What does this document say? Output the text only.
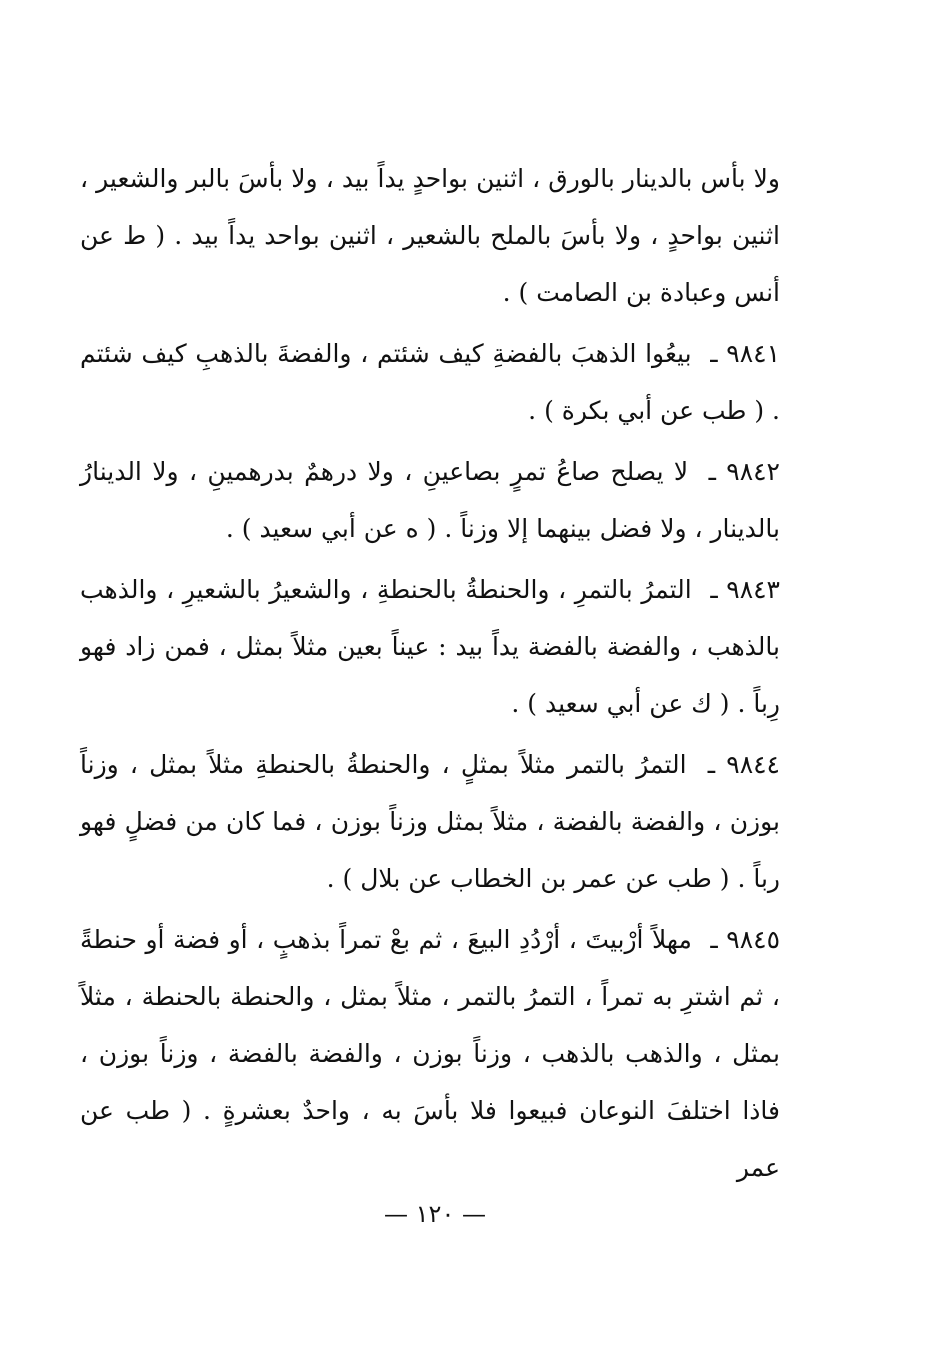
ولا بأس بالدينار بالورق ، اثنين بواحدٍ يداً بيد ، ولا بأسَ بالبر والشعير ، اثنين بواحدٍ ، ولا بأسَ بالملح بالشعير ، اثنين بواحد يداً بيد . ( ط عن أنس وعبادة بن الصامت ) .

٩٨٤١ ـ بيعُوا الذهبَ بالفضةِ كيف شئتم ، والفضةَ بالذهبِ كيف شئتم . ( طب عن أبي بكرة ) .

٩٨٤٢ ـ لا يصلح صاعُ تمرٍ بصاعينِ ، ولا درهمٌ بدرهمينِ ، ولا الدينارُ بالدينار ، ولا فضل بينهما إلا وزناً . ( ه عن أبي سعيد ) .

٩٨٤٣ ـ التمرُ بالتمرِ ، والحنطةُ بالحنطةِ ، والشعيرُ بالشعيرِ ، والذهب بالذهب ، والفضة بالفضة يداً بيد : عيناً بعين مثلاً بمثل ، فمن زاد فهو رِباً . ( ك عن أبي سعيد ) .

٩٨٤٤ ـ التمرُ بالتمر مثلاً بمثلٍ ، والحنطةُ بالحنطةِ مثلاً بمثل ، وزناً بوزن ، والفضة بالفضة ، مثلاً بمثل وزناً بوزن ، فما كان من فضلٍ فهو رباً . ( طب عن عمر بن الخطاب عن بلال ) .

٩٨٤٥ ـ مهلاً أرْبيتَ ، أرْدُدِ البيعَ ، ثم بعْ تمراً بذهبٍ ، أو فضة أو حنطةً ، ثم اشترِ به تمراً ، التمرُ بالتمر ، مثلاً بمثل ، والحنطة بالحنطة ، مثلاً بمثل ، والذهب بالذهب ، وزناً بوزن ، والفضة بالفضة ، وزناً بوزن ، فاذا اختلفَ النوعان فبيعوا فلا بأسَ به ، واحدٌ بعشرةٍ . ( طب عن عمر

— ١٢٠ —
